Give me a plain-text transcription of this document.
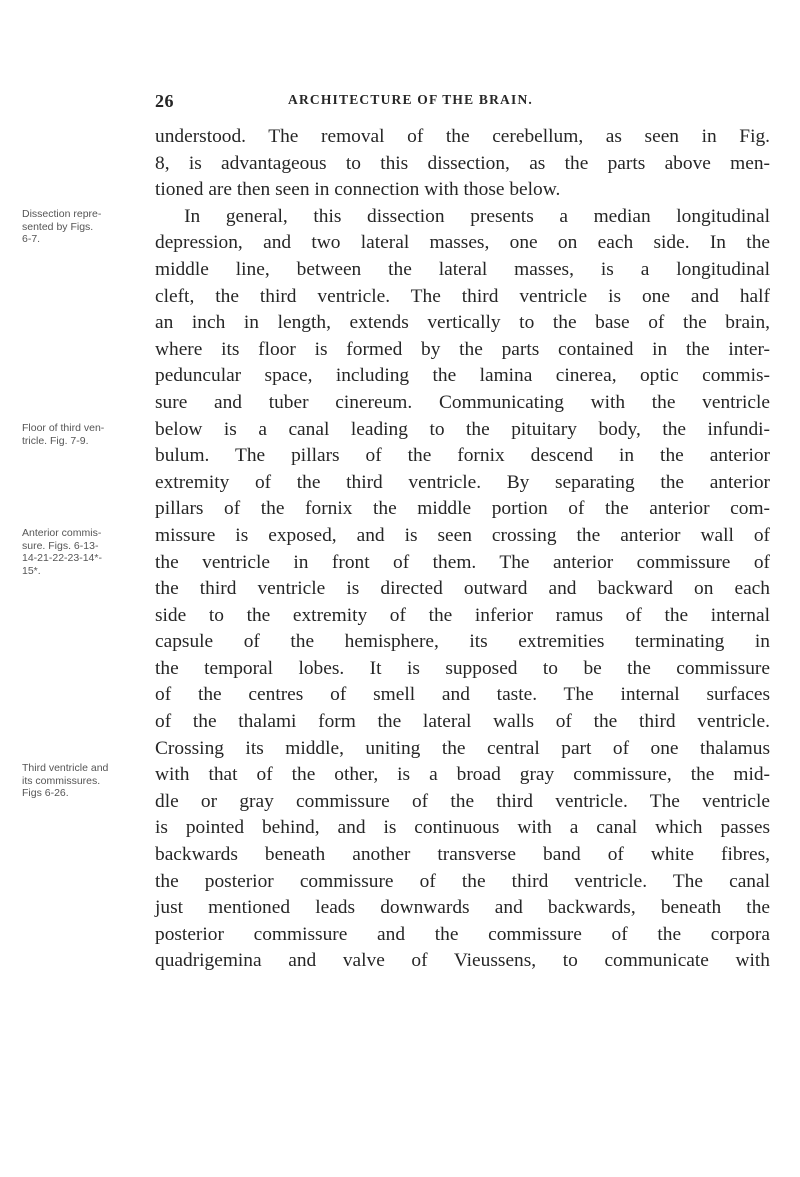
26	ARCHITECTURE OF THE BRAIN.
Dissection repre-
sented by Figs.
6-7.
Floor of third ven-
tricle. Fig. 7-9.
Anterior commis-
sure. Figs. 6-13-
14-21-22-23-14*-
15*.
Third ventricle and
its commissures.
Figs 6-26.
understood. The removal of the cerebellum, as seen in Fig.
8, is advantageous to this dissection, as the parts above men-
tioned are then seen in connection with those below.
In general, this dissection presents a median longitudinal
depression, and two lateral masses, one on each side. In the
middle line, between the lateral masses, is a longitudinal
cleft, the third ventricle. The third ventricle is one and half
an inch in length, extends vertically to the base of the brain,
where its floor is formed by the parts contained in the inter-
peduncular space, including the lamina cinerea, optic commis-
sure and tuber cinereum. Communicating with the ventricle
below is a canal leading to the pituitary body, the infundi-
bulum. The pillars of the fornix descend in the anterior
extremity of the third ventricle. By separating the anterior
pillars of the fornix the middle portion of the anterior com-
missure is exposed, and is seen crossing the anterior wall of
the ventricle in front of them. The anterior commissure of
the third ventricle is directed outward and backward on each
side to the extremity of the inferior ramus of the internal
capsule of the hemisphere, its extremities terminating in
the temporal lobes. It is supposed to be the commissure
of the centres of smell and taste. The internal surfaces
of the thalami form the lateral walls of the third ventricle.
Crossing its middle, uniting the central part of one thalamus
with that of the other, is a broad gray commissure, the mid-
dle or gray commissure of the third ventricle. The ventricle
is pointed behind, and is continuous with a canal which passes
backwards beneath another transverse band of white fibres,
the posterior commissure of the third ventricle. The canal
just mentioned leads downwards and backwards, beneath the
posterior commissure and the commissure of the corpora
quadrigemina and valve of Vieussens, to communicate with
